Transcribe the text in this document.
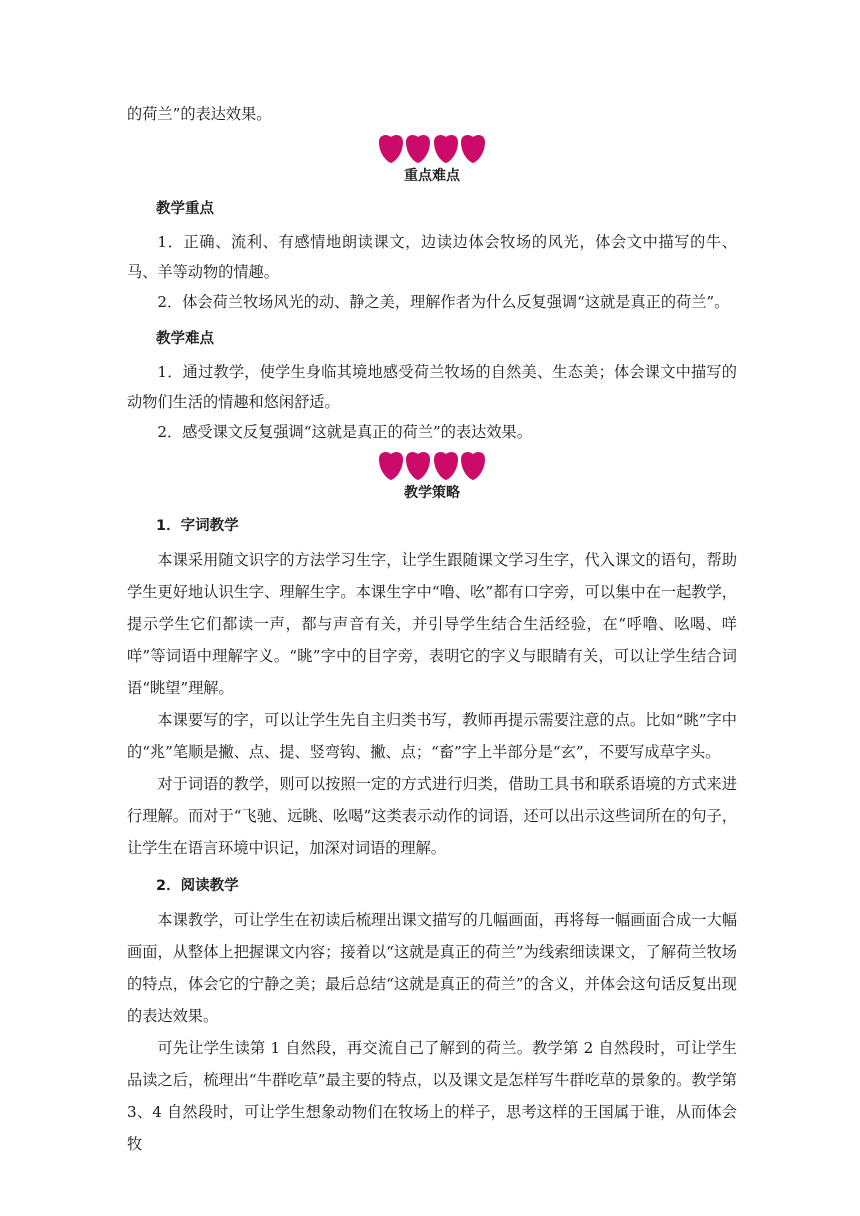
的荷兰”的表达效果。

重点难点
教学重点

1．正确、流利、有感情地朗读课文，边读边体会牧场的风光，体会文中描写的牛、马、羊等动物的情趣。

2．体会荷兰牧场风光的动、静之美，理解作者为什么反复强调“这就是真正的荷兰”。

教学难点

1．通过教学，使学生身临其境地感受荷兰牧场的自然美、生态美；体会课文中描写的动物们生活的情趣和悠闲舒适。

2．感受课文反复强调“这就是真正的荷兰”的表达效果。

教学策略
1．字词教学

本课采用随文识字的方法学习生字，让学生跟随课文学习生字，代入课文的语句，帮助学生更好地认识生字、理解生字。本课生字中“噜、吆”都有口字旁，可以集中在一起教学，提示学生它们都读一声，都与声音有关，并引导学生结合生活经验，在“呼噜、吆喝、咩咩”等词语中理解字义。“眺”字中的目字旁，表明它的字义与眼睛有关，可以让学生结合词语“眺望”理解。

本课要写的字，可以让学生先自主归类书写，教师再提示需要注意的点。比如“眺”字中的“兆”笔顺是撇、点、提、竖弯钩、撇、点；“畜”字上半部分是“玄”，不要写成草字头。

对于词语的教学，则可以按照一定的方式进行归类，借助工具书和联系语境的方式来进行理解。而对于“飞驰、远眺、吆喝”这类表示动作的词语，还可以出示这些词所在的句子，让学生在语言环境中识记，加深对词语的理解。

2．阅读教学

本课教学，可让学生在初读后梳理出课文描写的几幅画面，再将每一幅画面合成一大幅画面，从整体上把握课文内容；接着以“这就是真正的荷兰”为线索细读课文，了解荷兰牧场的特点，体会它的宁静之美；最后总结“这就是真正的荷兰”的含义，并体会这句话反复出现的表达效果。

可先让学生读第 1 自然段，再交流自己了解到的荷兰。教学第 2 自然段时，可让学生品读之后，梳理出“牛群吃草”最主要的特点，以及课文是怎样写牛群吃草的景象的。教学第 3、4 自然段时，可让学生想象动物们在牧场上的样子，思考这样的王国属于谁，从而体会牧
